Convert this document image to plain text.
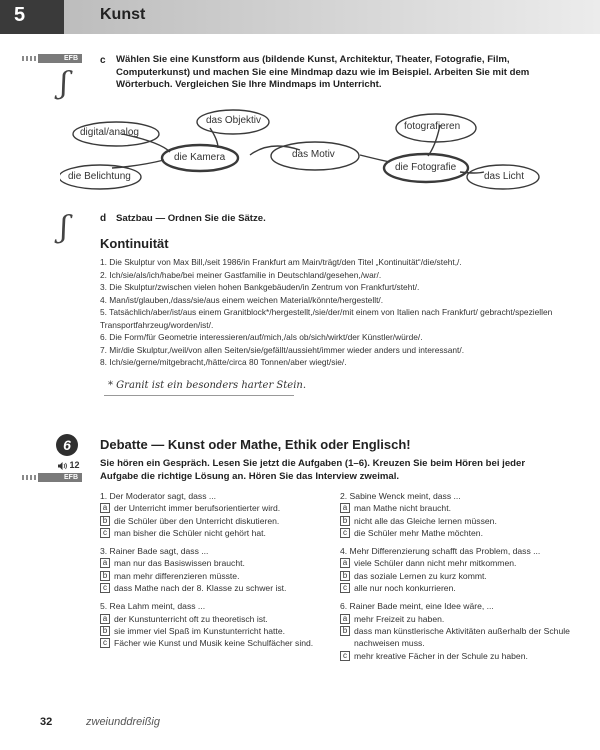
5	Kunst
EFB
ʃ
c Wählen Sie eine Kunstform aus (bildende Kunst, Architektur, Theater, Fotografie, Film, Computerkunst) und machen Sie eine Mindmap dazu wie im Beispiel. Arbeiten Sie mit dem Wörterbuch. Vergleichen Sie Ihre Mindmaps im Unterricht.
das Objektiv
digital/analog
die Kamera
die Belichtung
das Motiv
fotografieren
die Fotografie
das Licht
ʃ	d Satzbau — Ordnen Sie die Sätze.
Kontinuität
1. Die Skulptur von Max Bill,/seit 1986/in Frankfurt am Main/trägt/den Titel „Kontinuität“/die/steht,/.
2. Ich/sie/als/ich/habe/bei meiner Gastfamilie in Deutschland/gesehen,/war/.
3. Die Skulptur/zwischen vielen hohen Bankgebäuden/in Zentrum von Frankfurt/steht/.
4. Man/ist/glauben,/dass/sie/aus einem weichen Material/könnte/hergestellt/.
5. Tatsächlich/aber/ist/aus einem Granitblock*/hergestellt,/sie/der/mit einem von Italien nach Frankfurt/ gebracht/speziellen Transportfahrzeug/worden/ist/.
6. Die Form/für Geometrie interessieren/auf/mich,/als ob/sich/wirkt/der Künstler/würde/.
7. Mir/die Skulptur,/weil/von allen Seiten/sie/gefällt/aussieht/immer wieder anders und interessant/.
8. Ich/sie/gerne/mitgebracht,/hätte/circa 80 Tonnen/aber wiegt/sie/.
* Granit ist ein besonders harter Stein.
6
12
EFB
Debatte — Kunst oder Mathe, Ethik oder Englisch!
Sie hören ein Gespräch. Lesen Sie jetzt die Aufgaben (1–6). Kreuzen Sie beim Hören bei jeder Aufgabe die richtige Lösung an. Hören Sie das Interview zweimal.
1. Der Moderator sagt, dass ...
a der Unterricht immer berufsorientierter wird.
b die Schüler über den Unterricht diskutieren.
c man bisher die Schüler nicht gehört hat.
3. Rainer Bade sagt, dass ...
a man nur das Basiswissen braucht.
b man mehr differenzieren müsste.
c dass Mathe nach der 8. Klasse zu schwer ist.
5. Rea Lahm meint, dass ...
a der Kunstunterricht oft zu theoretisch ist.
b sie immer viel Spaß im Kunstunterricht hatte.
c Fächer wie Kunst und Musik keine Schulfächer sind.
2. Sabine Wenck meint, dass ...
a man Mathe nicht braucht.
b nicht alle das Gleiche lernen müssen.
c die Schüler mehr Mathe möchten.
4. Mehr Differenzierung schafft das Problem, dass ...
a viele Schüler dann nicht mehr mitkommen.
b das soziale Lernen zu kurz kommt.
c alle nur noch konkurrieren.
6. Rainer Bade meint, eine Idee wäre, ...
a mehr Freizeit zu haben.
b dass man künstlerische Aktivitäten außerhalb der Schule nachweisen muss.
c mehr kreative Fächer in der Schule zu haben.
32	zweiunddreißig
